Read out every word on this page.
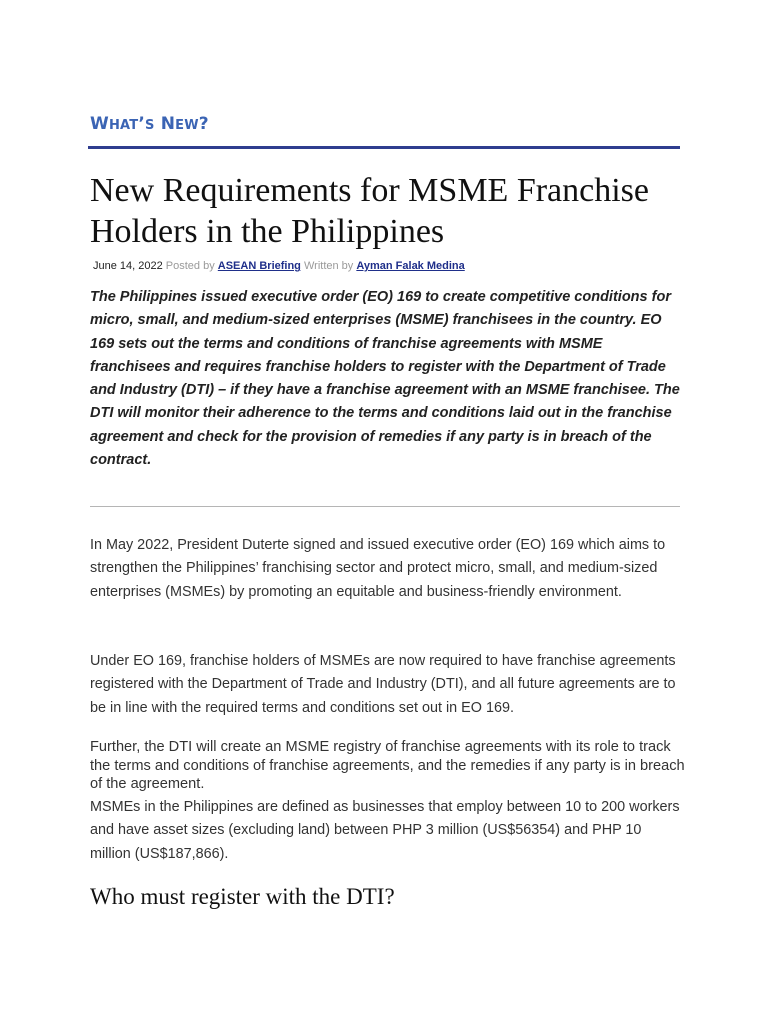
WHAT’S NEW?
New Requirements for MSME Franchise Holders in the Philippines
June 14, 2022 Posted by ASEAN Briefing Written by Ayman Falak Medina

The Philippines issued executive order (EO) 169 to create competitive conditions for micro, small, and medium-sized enterprises (MSME) franchisees in the country. EO 169 sets out the terms and conditions of franchise agreements with MSME franchisees and requires franchise holders to register with the Department of Trade and Industry (DTI) – if they have a franchise agreement with an MSME franchisee. The DTI will monitor their adherence to the terms and conditions laid out in the franchise agreement and check for the provision of remedies if any party is in breach of the contract.

In May 2022, President Duterte signed and issued executive order (EO) 169 which aims to strengthen the Philippines’ franchising sector and protect micro, small, and medium-sized enterprises (MSMEs) by promoting an equitable and business-friendly environment.

Under EO 169, franchise holders of MSMEs are now required to have franchise agreements registered with the Department of Trade and Industry (DTI), and all future agreements are to be in line with the required terms and conditions set out in EO 169.

Further, the DTI will create an MSME registry of franchise agreements with its role to track the terms and conditions of franchise agreements, and the remedies if any party is in breach of the agreement.

MSMEs in the Philippines are defined as businesses that employ between 10 to 200 workers and have asset sizes (excluding land) between PHP 3 million (US$56354) and PHP 10 million (US$187,866).

Who must register with the DTI?
